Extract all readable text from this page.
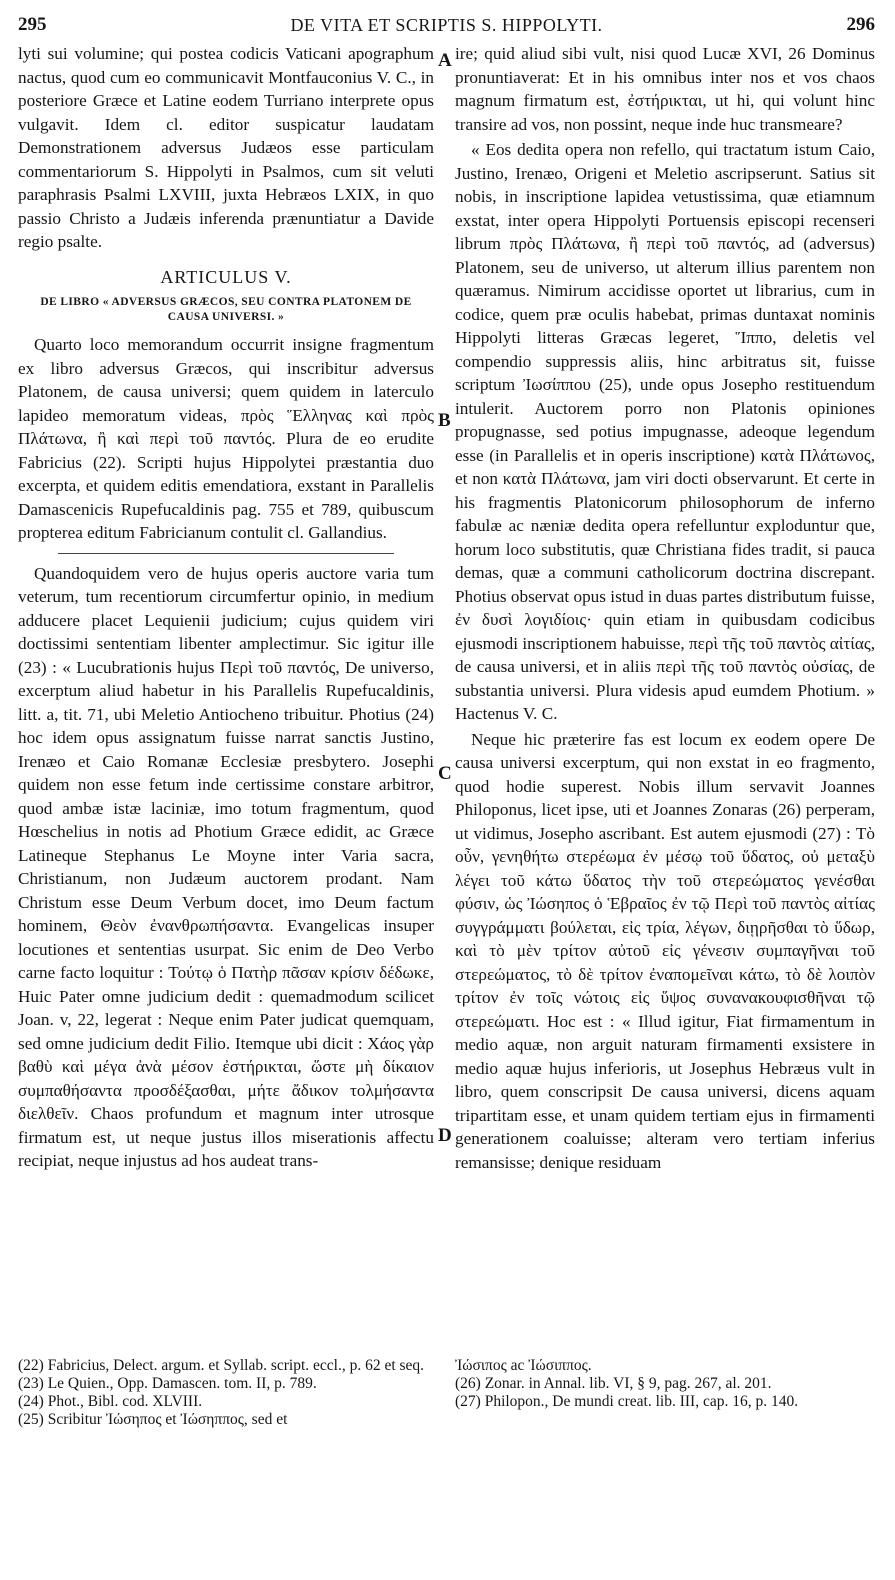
295	DE VITA ET SCRIPTIS S. HIPPOLYTI.	296
A
B
C
D

lyti sui volumine; qui postea codicis Vaticani apographum nactus, quod cum eo communicavit Montfauconius V. C., in posteriore Græce et Latine eodem Turriano interprete opus vulgavit. Idem cl. editor suspicatur laudatam Demonstrationem adversus Judæos esse particulam commentariorum S. Hippolyti in Psalmos, cum sit veluti paraphrasis Psalmi LXVIII, juxta Hebræos LXIX, in quo passio Christo a Judæis inferenda prænuntiatur a Davide regio psalte.

ARTICULUS V.
DE LIBRO « ADVERSUS GRÆCOS, SEU CONTRA PLATONEM DE CAUSA UNIVERSI. »

Quarto loco memorandum occurrit insigne fragmentum ex libro adversus Græcos, qui inscribitur adversus Platonem, de causa universi; quem quidem in laterculo lapideo memoratum videas, πρὸς Ἕλληνας καὶ πρὸς Πλάτωνα, ἢ καὶ περὶ τοῦ παντός. Plura de eo erudite Fabricius (22). Scripti hujus Hippolytei præstantia duo excerpta, et quidem editis emendatiora, exstant in Parallelis Damascenicis Rupefucaldinis pag. 755 et 789, quibuscum propterea editum Fabricianum contulit cl. Gallandius.

Quandoquidem vero de hujus operis auctore varia tum veterum, tum recentiorum circumfertur opinio, in medium adducere placet Lequienii judicium; cujus quidem viri doctissimi sententiam libenter amplectimur. Sic igitur ille (23) : « Lucubrationis hujus Περὶ τοῦ παντός, De universo, excerptum aliud habetur in his Parallelis Rupefucaldinis, litt. a, tit. 71, ubi Meletio Antiocheno tribuitur. Photius (24) hoc idem opus assignatum fuisse narrat sanctis Justino, Irenæo et Caio Romanæ Ecclesiæ presbytero. Josephi quidem non esse fetum inde certissime constare arbitror, quod ambæ istæ laciniæ, imo totum fragmentum, quod Hœschelius in notis ad Photium Græce edidit, ac Græce Latineque Stephanus Le Moyne inter Varia sacra, Christianum, non Judæum auctorem prodant. Nam Christum esse Deum Verbum docet, imo Deum factum hominem, Θεὸν ἐνανθρωπήσαντα. Evangelicas insuper locutiones et sententias usurpat. Sic enim de Deo Verbo carne facto loquitur : Τούτῳ ὁ Πατὴρ πᾶσαν κρίσιν δέδωκε, Huic Pater omne judicium dedit : quemadmodum scilicet Joan. v, 22, legerat : Neque enim Pater judicat quemquam, sed omne judicium dedit Filio. Itemque ubi dicit : Χάος γὰρ βαθὺ καὶ μέγα ἀνὰ μέσον ἐστήρικται, ὥστε μὴ δίκαιον συμπαθήσαντα προσδέξασθαι, μήτε ἄδικον τολμήσαντα διελθεῖν. Chaos profundum et magnum inter utrosque firmatum est, ut neque justus illos miserationis affectu recipiat, neque injustus ad hos audeat trans-

ire; quid aliud sibi vult, nisi quod Lucæ XVI, 26 Dominus pronuntiaverat: Et in his omnibus inter nos et vos chaos magnum firmatum est, ἐστήρικται, ut hi, qui volunt hinc transire ad vos, non possint, neque inde huc transmeare?

« Eos dedita opera non refello, qui tractatum istum Caio, Justino, Irenæo, Origeni et Meletio ascripserunt. Satius sit nobis, in inscriptione lapidea vetustissima, quæ etiamnum exstat, inter opera Hippolyti Portuensis episcopi recenseri librum πρὸς Πλάτωνα, ἢ περὶ τοῦ παντός, ad (adversus) Platonem, seu de universo, ut alterum illius parentem non quæramus. Nimirum accidisse oportet ut librarius, cum in codice, quem præ oculis habebat, primas duntaxat nominis Hippolyti litteras Græcas legeret, Ἵππο, deletis vel compendio suppressis aliis, hinc arbitratus sit, fuisse scriptum Ἰωσίππου (25), unde opus Josepho restituendum intulerit. Auctorem porro non Platonis opiniones propugnasse, sed potius impugnasse, adeoque legendum esse (in Parallelis et in operis inscriptione) κατὰ Πλάτωνος, et non κατὰ Πλάτωνα, jam viri docti observarunt. Et certe in his fragmentis Platonicorum philosophorum de inferno fabulæ ac næniæ dedita opera refelluntur exploduntur que, horum loco substitutis, quæ Christiana fides tradit, si pauca demas, quæ a communi catholicorum doctrina discrepant. Photius observat opus istud in duas partes distributum fuisse, ἐν δυσὶ λογιδίοις· quin etiam in quibusdam codicibus ejusmodi inscriptionem habuisse, περὶ τῆς τοῦ παντὸς αἰτίας, de causa universi, et in aliis περὶ τῆς τοῦ παντὸς οὐσίας, de substantia universi. Plura videsis apud eumdem Photium. » Hactenus V. C.

Neque hic præterire fas est locum ex eodem opere De causa universi excerptum, qui non exstat in eo fragmento, quod hodie superest. Nobis illum servavit Joannes Philoponus, licet ipse, uti et Joannes Zonaras (26) perperam, ut vidimus, Josepho ascribant. Est autem ejusmodi (27) : Τὸ οὖν, γενηθήτω στερέωμα ἐν μέσῳ τοῦ ὕδατος, οὐ μεταξὺ λέγει τοῦ κάτω ὕδατος τὴν τοῦ στερεώματος γενέσθαι φύσιν, ὡς Ἰώσηπος ὁ Ἑβραῖος ἐν τῷ Περὶ τοῦ παντὸς αἰτίας συγγράμματι βούλεται, εἰς τρία, λέγων, διῃρῆσθαι τὸ ὕδωρ, καὶ τὸ μὲν τρίτον αὐτοῦ εἰς γένεσιν συμπαγῆναι τοῦ στερεώματος, τὸ δὲ τρίτον ἐναπομεῖναι κάτω, τὸ δὲ λοιπὸν τρίτον ἐν τοῖς νώτοις εἰς ὕψος συναναкουφισθῆναι τῷ στερεώματι. Hoc est : « Illud igitur, Fiat firmamentum in medio aquæ, non arguit naturam firmamenti exsistere in medio aquæ hujus inferioris, ut Josephus Hebræus vult in libro, quem conscripsit De causa universi, dicens aquam tripartitam esse, et unam quidem tertiam ejus in firmamenti generationem coaluisse; alteram vero tertiam inferius remansisse; denique residuam

(22) Fabricius, Delect. argum. et Syllab. script. eccl., p. 62 et seq.
(23) Le Quien., Opp. Damascen. tom. II, p. 789.
(24) Phot., Bibl. cod. XLVIII.
(25) Scribitur Ἰώσηπος et Ἰώσηππος, sed et
Ἰώσιπος ac Ἰώσιππος.
(26) Zonar. in Annal. lib. VI, § 9, pag. 267, al. 201.
(27) Philopon., De mundi creat. lib. III, cap. 16, p. 140.
